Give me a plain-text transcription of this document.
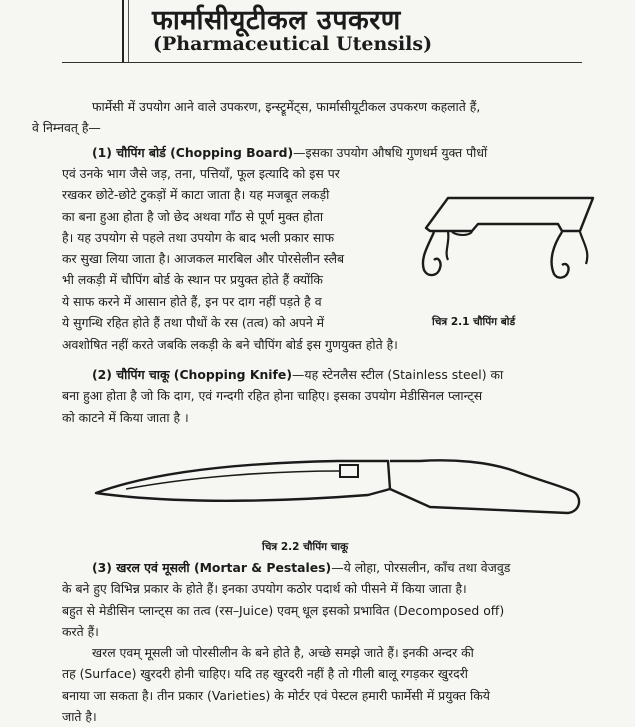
फार्मासीयूटीकल उपकरण
(Pharmaceutical Utensils)

फार्मेसी में उपयोग आने वाले उपकरण, इन्स्ट्रूमेंट्स, फार्मासीयूटीकल उपकरण कहलाते हैं,
वे निम्नवत् है—

(1) चौपिंग बोर्ड (Chopping Board)—इसका उपयोग औषधि गुणधर्म युक्त पौधों

एवं उनके भाग जैसे जड़, तना, पत्तियाँ, फूल इत्यादि को इस पर
रखकर छोटे-छोटे टुकड़ों में काटा जाता है। यह मजबूत लकड़ी
का बना हुआ होता है जो छेद अथवा गाँठ से पूर्ण मुक्त होता
है। यह उपयोग से पहले तथा उपयोग के बाद भली प्रकार साफ
कर सुखा लिया जाता है। आजकल मारबिल और पोरसेलीन स्लैब
भी लकड़ी में चौपिंग बोर्ड के स्थान पर प्रयुक्त होते हैं क्योंकि
ये साफ करने में आसान होते हैं, इन पर दाग नहीं पड़ते है व
ये सुगन्धि रहित होते हैं तथा पौधों के रस (तत्व) को अपने में

अवशोषित नहीं करते जबकि लकड़ी के बने चौपिंग बोर्ड इस गुणयुक्त होते है।

चित्र 2.1 चौपिंग बोर्ड

(2) चौपिंग चाकू (Chopping Knife)—यह स्टेनलैस स्टील (Stainless steel) का
बना हुआ होता है जो कि दाग, एवं गन्दगी रहित होना चाहिए। इसका उपयोग मेडीसिनल प्लान्ट्स
को काटने में किया जाता है ।

चित्र 2.2 चौपिंग चाकू

(3) खरल एवं मूसली (Mortar & Pestales)—ये लोहा, पोरसलीन, काँच तथा वेजवुड
के बने हुए विभिन्न प्रकार के होते हैं। इनका उपयोग कठोर पदार्थ को पीसने में किया जाता है।
बहुत से मेडीसिन प्लान्ट्स का तत्व (रस–Juice) एवम् धूल इसको प्रभावित (Decomposed off)
करते हैं।

खरल एवम् मूसली जो पोरसीलीन के बने होते है, अच्छे समझे जाते हैं। इनकी अन्दर की
तह (Surface) खुरदरी होनी चाहिए। यदि तह खुरदरी नहीं है तो गीली बालू रगड़कर खुरदरी
बनाया जा सकता है। तीन प्रकार (Varieties) के मोर्टर एवं पेस्टल हमारी फार्मेसी में प्रयुक्त किये
जाते है।
